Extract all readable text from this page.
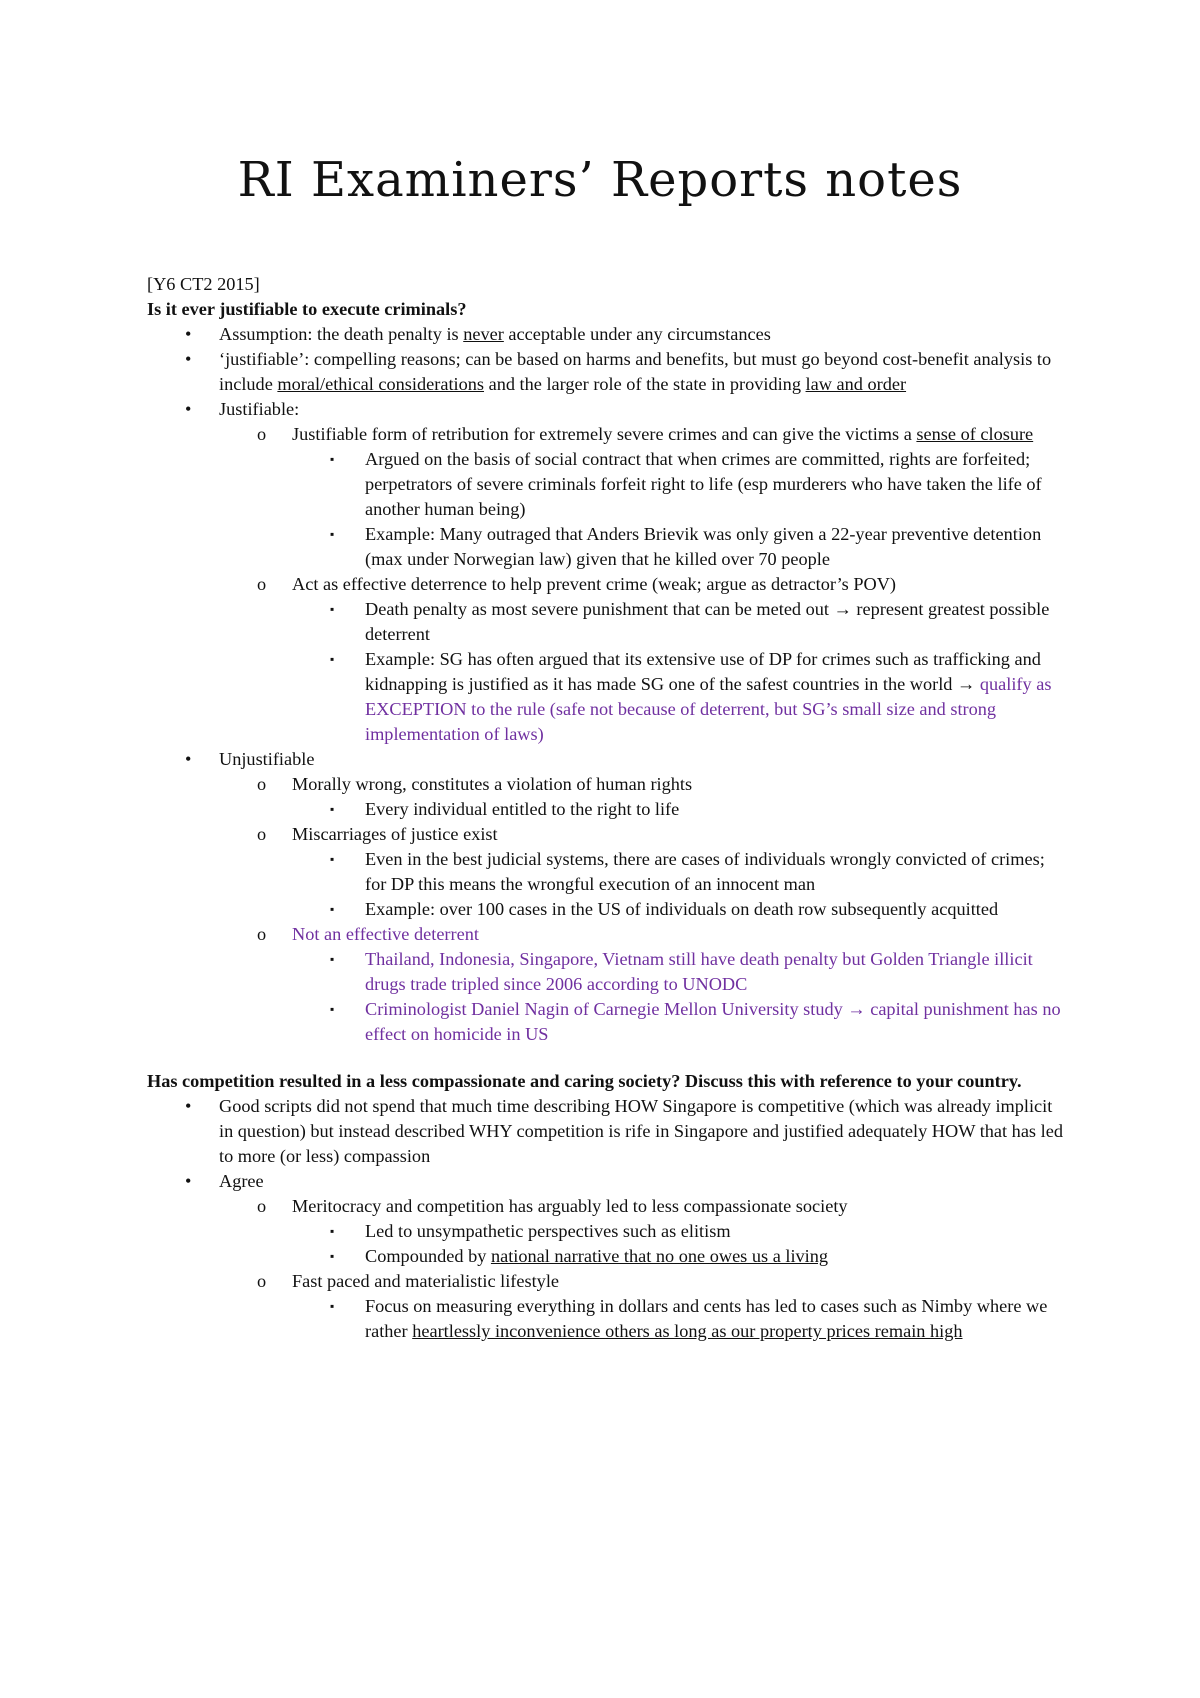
RI Examiners’ Reports notes

[Y6 CT2 2015]

Is it ever justifiable to execute criminals?

• Assumption: the death penalty is never acceptable under any circumstances
• ‘justifiable’: compelling reasons; can be based on harms and benefits, but must go beyond cost-benefit analysis to include moral/ethical considerations and the larger role of the state in providing law and order
• Justifiable:
o Justifiable form of retribution for extremely severe crimes and can give the victims a sense of closure
▪ Argued on the basis of social contract that when crimes are committed, rights are forfeited; perpetrators of severe criminals forfeit right to life (esp murderers who have taken the life of another human being)
▪ Example: Many outraged that Anders Brievik was only given a 22-year preventive detention (max under Norwegian law) given that he killed over 70 people
o Act as effective deterrence to help prevent crime (weak; argue as detractor’s POV)
▪ Death penalty as most severe punishment that can be meted out → represent greatest possible deterrent
▪ Example: SG has often argued that its extensive use of DP for crimes such as trafficking and kidnapping is justified as it has made SG one of the safest countries in the world → qualify as EXCEPTION to the rule (safe not because of deterrent, but SG’s small size and strong implementation of laws)
• Unjustifiable
o Morally wrong, constitutes a violation of human rights
▪ Every individual entitled to the right to life
o Miscarriages of justice exist
▪ Even in the best judicial systems, there are cases of individuals wrongly convicted of crimes; for DP this means the wrongful execution of an innocent man
▪ Example: over 100 cases in the US of individuals on death row subsequently acquitted
o Not an effective deterrent
▪ Thailand, Indonesia, Singapore, Vietnam still have death penalty but Golden Triangle illicit drugs trade tripled since 2006 according to UNODC
▪ Criminologist Daniel Nagin of Carnegie Mellon University study → capital punishment has no effect on homicide in US

Has competition resulted in a less compassionate and caring society? Discuss this with reference to your country.

• Good scripts did not spend that much time describing HOW Singapore is competitive (which was already implicit in question) but instead described WHY competition is rife in Singapore and justified adequately HOW that has led to more (or less) compassion
• Agree
o Meritocracy and competition has arguably led to less compassionate society
▪ Led to unsympathetic perspectives such as elitism
▪ Compounded by national narrative that no one owes us a living
o Fast paced and materialistic lifestyle
▪ Focus on measuring everything in dollars and cents has led to cases such as Nimby where we rather heartlessly inconvenience others as long as our property prices remain high
